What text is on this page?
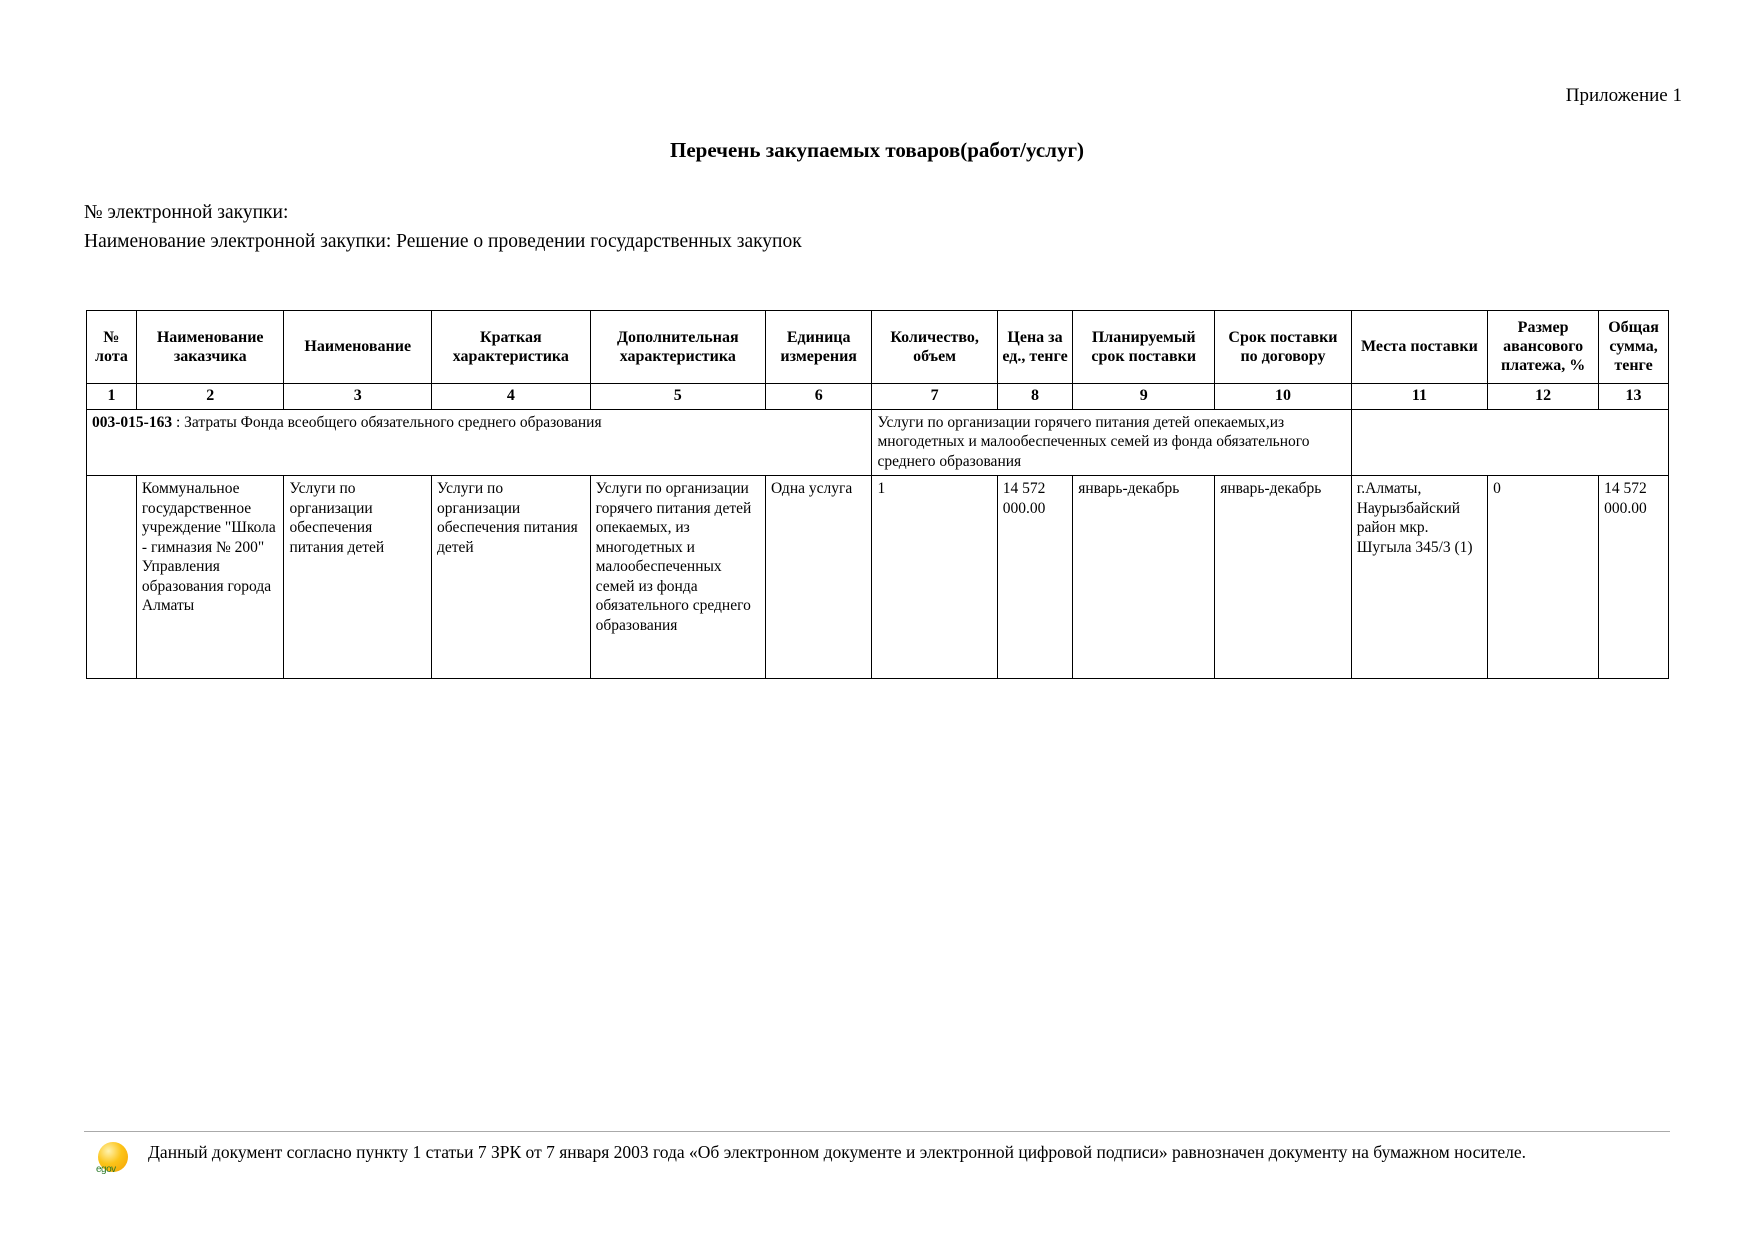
Приложение 1
Перечень закупаемых товаров(работ/услуг)
№ электронной закупки:
Наименование электронной закупки: Решение о проведении государственных закупок
№ лота	Наименование заказчика	Наименование	Краткая характеристика	Дополнительная характеристика	Единица измерения	Количество, объем	Цена за ед., тенге	Планируемый срок поставки	Срок поставки по договору	Места поставки	Размер авансового платежа, %	Общая сумма, тенге
1	2	3	4	5	6	7	8	9	10	11	12	13
003-015-163 : Затраты Фонда всеобщего обязательного среднего образования						Услуги по организации горячего питания детей опекаемых,из многодетных и малообеспеченных семей из фонда обязательного среднего образования						
	Коммунальное государственное учреждение "Школа - гимназия № 200" Управления образования города Алматы	Услуги по организации обеспечения питания детей	Услуги по организации обеспечения питания детей	Услуги по организации горячего питания детей опекаемых, из многодетных и малообеспеченных семей из фонда обязательного среднего образования	Одна услуга	1	14 572 000.00	январь-декабрь	январь-декабрь	г.Алматы, Наурызбайский район мкр. Шугыла 345/3 (1)	0	14 572 000.00
egov
Данный документ согласно пункту 1 статьи 7 ЗРК от 7 января 2003 года «Об электронном документе и электронной цифровой подписи» равнозначен документу на бумажном носителе.
